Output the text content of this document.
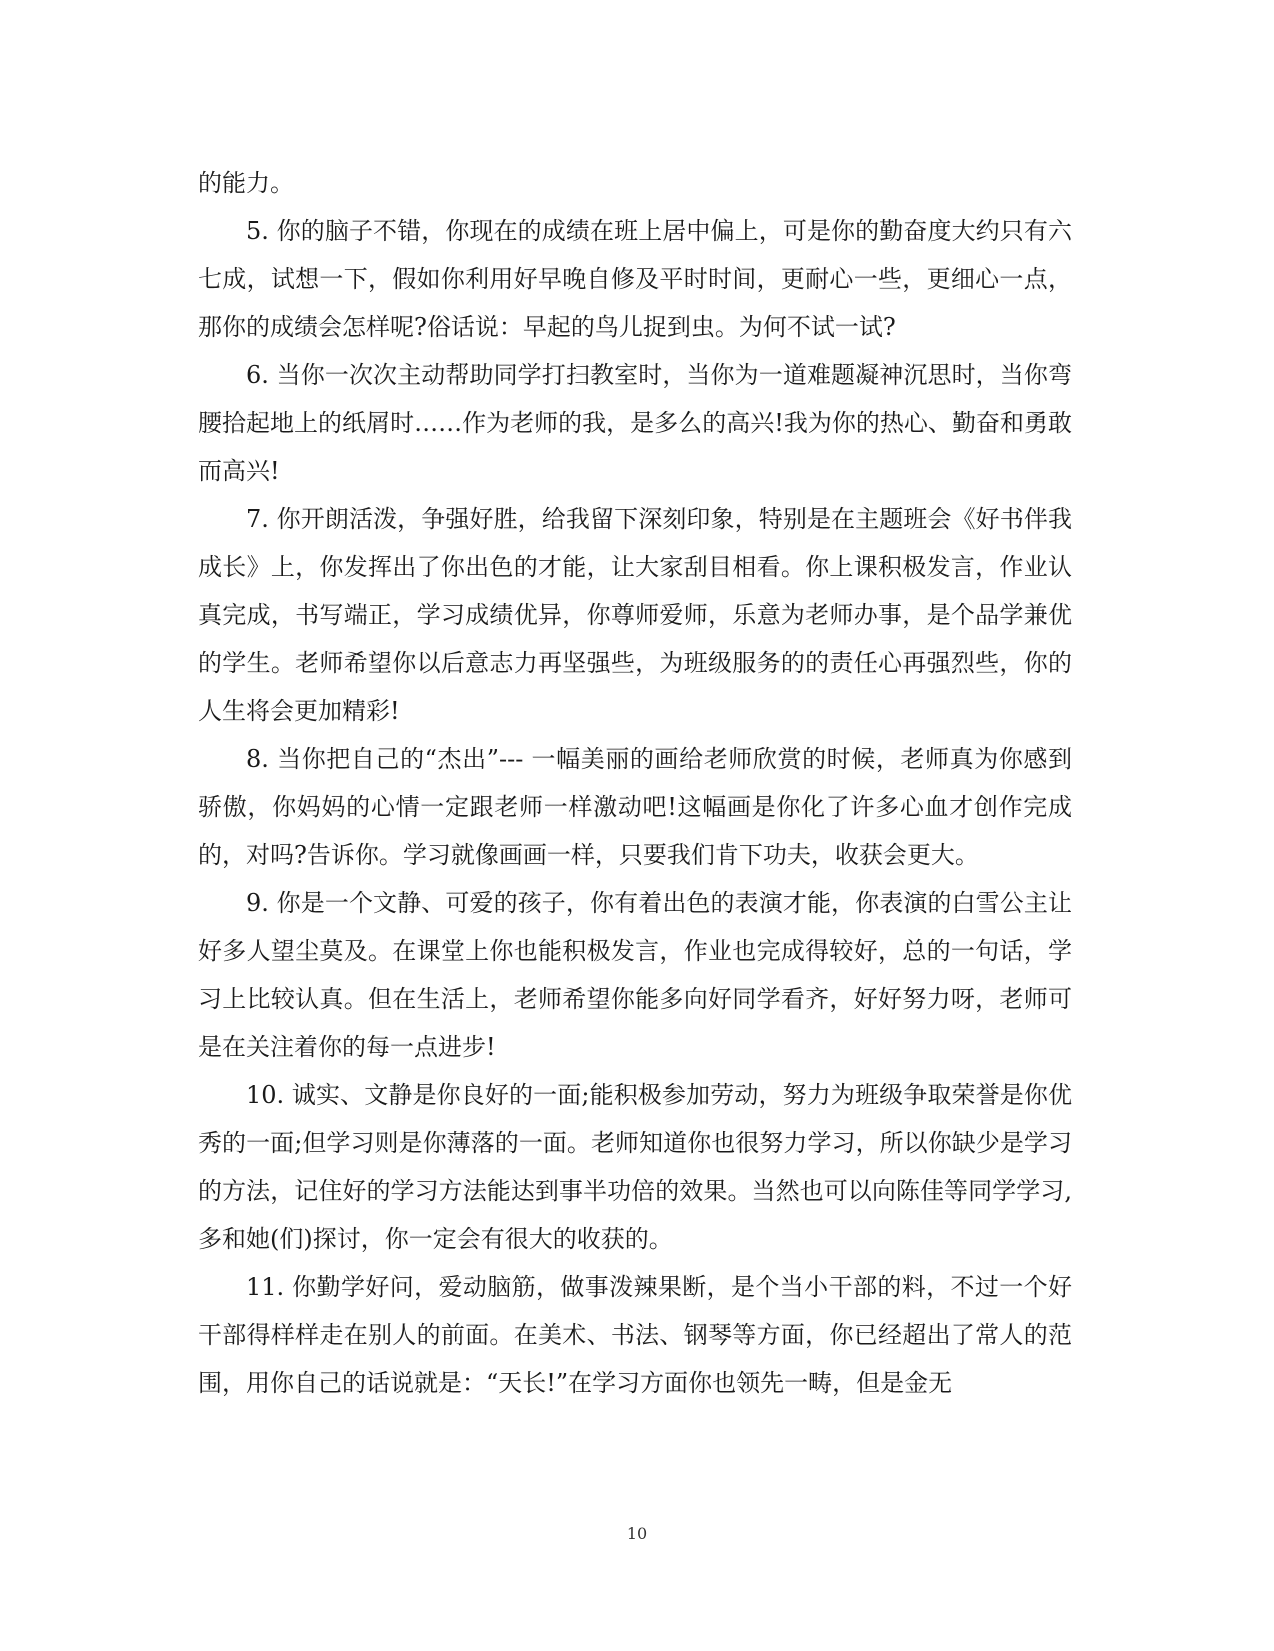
的能力。

5. 你的脑子不错，你现在的成绩在班上居中偏上，可是你的勤奋度大约只有六七成，试想一下，假如你利用好早晚自修及平时时间，更耐心一些，更细心一点，那你的成绩会怎样呢?俗话说：早起的鸟儿捉到虫。为何不试一试?

6. 当你一次次主动帮助同学打扫教室时，当你为一道难题凝神沉思时，当你弯腰拾起地上的纸屑时……作为老师的我，是多么的高兴!我为你的热心、勤奋和勇敢而高兴!

7. 你开朗活泼，争强好胜，给我留下深刻印象，特别是在主题班会《好书伴我成长》上，你发挥出了你出色的才能，让大家刮目相看。你上课积极发言，作业认真完成，书写端正，学习成绩优异，你尊师爱师，乐意为老师办事，是个品学兼优的学生。老师希望你以后意志力再坚强些，为班级服务的的责任心再强烈些，你的人生将会更加精彩!

8. 当你把自己的“杰出”--- 一幅美丽的画给老师欣赏的时候，老师真为你感到骄傲，你妈妈的心情一定跟老师一样激动吧!这幅画是你化了许多心血才创作完成的，对吗?告诉你。学习就像画画一样，只要我们肯下功夫，收获会更大。

9. 你是一个文静、可爱的孩子，你有着出色的表演才能，你表演的白雪公主让好多人望尘莫及。在课堂上你也能积极发言，作业也完成得较好，总的一句话，学习上比较认真。但在生活上，老师希望你能多向好同学看齐，好好努力呀，老师可是在关注着你的每一点进步!

10. 诚实、文静是你良好的一面;能积极参加劳动，努力为班级争取荣誉是你优秀的一面;但学习则是你薄落的一面。老师知道你也很努力学习，所以你缺少是学习的方法，记住好的学习方法能达到事半功倍的效果。当然也可以向陈佳等同学学习,多和她(们)探讨，你一定会有很大的收获的。

11. 你勤学好问，爱动脑筋，做事泼辣果断，是个当小干部的料，不过一个好干部得样样走在别人的前面。在美术、书法、钢琴等方面，你已经超出了常人的范围，用你自己的话说就是：“天长!”在学习方面你也领先一畴，但是金无

10
